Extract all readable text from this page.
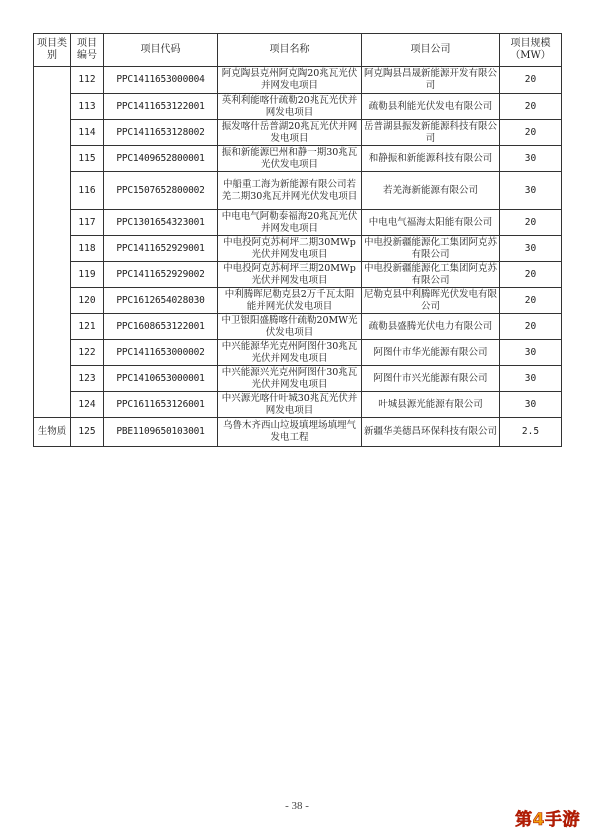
项目类别	项目编号	项目代码	项目名称	项目公司	项目规模（MW）
	112	PPC1411653000004	阿克陶县克州阿克陶20兆瓦光伏并网发电项目	阿克陶县昌晟新能源开发有限公司	20
	113	PPC1411653122001	英利利能喀什疏勒20兆瓦光伏并网发电项目	疏勒县利能光伏发电有限公司	20
	114	PPC1411653128002	振发喀什岳普湖20兆瓦光伏并网发电项目	岳普湖县振发新能源科技有限公司	20
	115	PPC1409652800001	振和新能源巴州和静一期30兆瓦光伏发电项目	和静振和新能源科技有限公司	30
	116	PPC1507652800002	中船重工海为新能源有限公司若羌二期30兆瓦并网光伏发电项目	若羌海新能源有限公司	30
	117	PPC1301654323001	中电电气阿勒泰福海20兆瓦光伏并网发电项目	中电电气福海太阳能有限公司	20
	118	PPC1411652929001	中电投阿克苏柯坪二期30MWp光伏并网发电项目	中电投新疆能源化工集团阿克苏有限公司	30
	119	PPC1411652929002	中电投阿克苏柯坪三期20MWp光伏并网发电项目	中电投新疆能源化工集团阿克苏有限公司	20
	120	PPC1612654028030	中利腾晖尼勒克县2万千瓦太阳能并网光伏发电项目	尼勒克县中利腾晖光伏发电有限公司	20
	121	PPC1608653122001	中卫银阳盛腾喀什疏勒20MW光伏发电项目	疏勒县盛腾光伏电力有限公司	20
	122	PPC1411653000002	中兴能源华光克州阿图什30兆瓦光伏并网发电项目	阿图什市华光能源有限公司	30
	123	PPC1410653000001	中兴能源兴光克州阿图什30兆瓦光伏并网发电项目	阿图什市兴光能源有限公司	30
	124	PPC1611653126001	中兴源光喀什叶城30兆瓦光伏并网发电项目	叶城县源光能源有限公司	30
生物质	125	PBE1109650103001	乌鲁木齐西山垃圾填埋场填埋气发电工程	新疆华美德昌环保科技有限公司	2.5
- 38 -
第4手游
